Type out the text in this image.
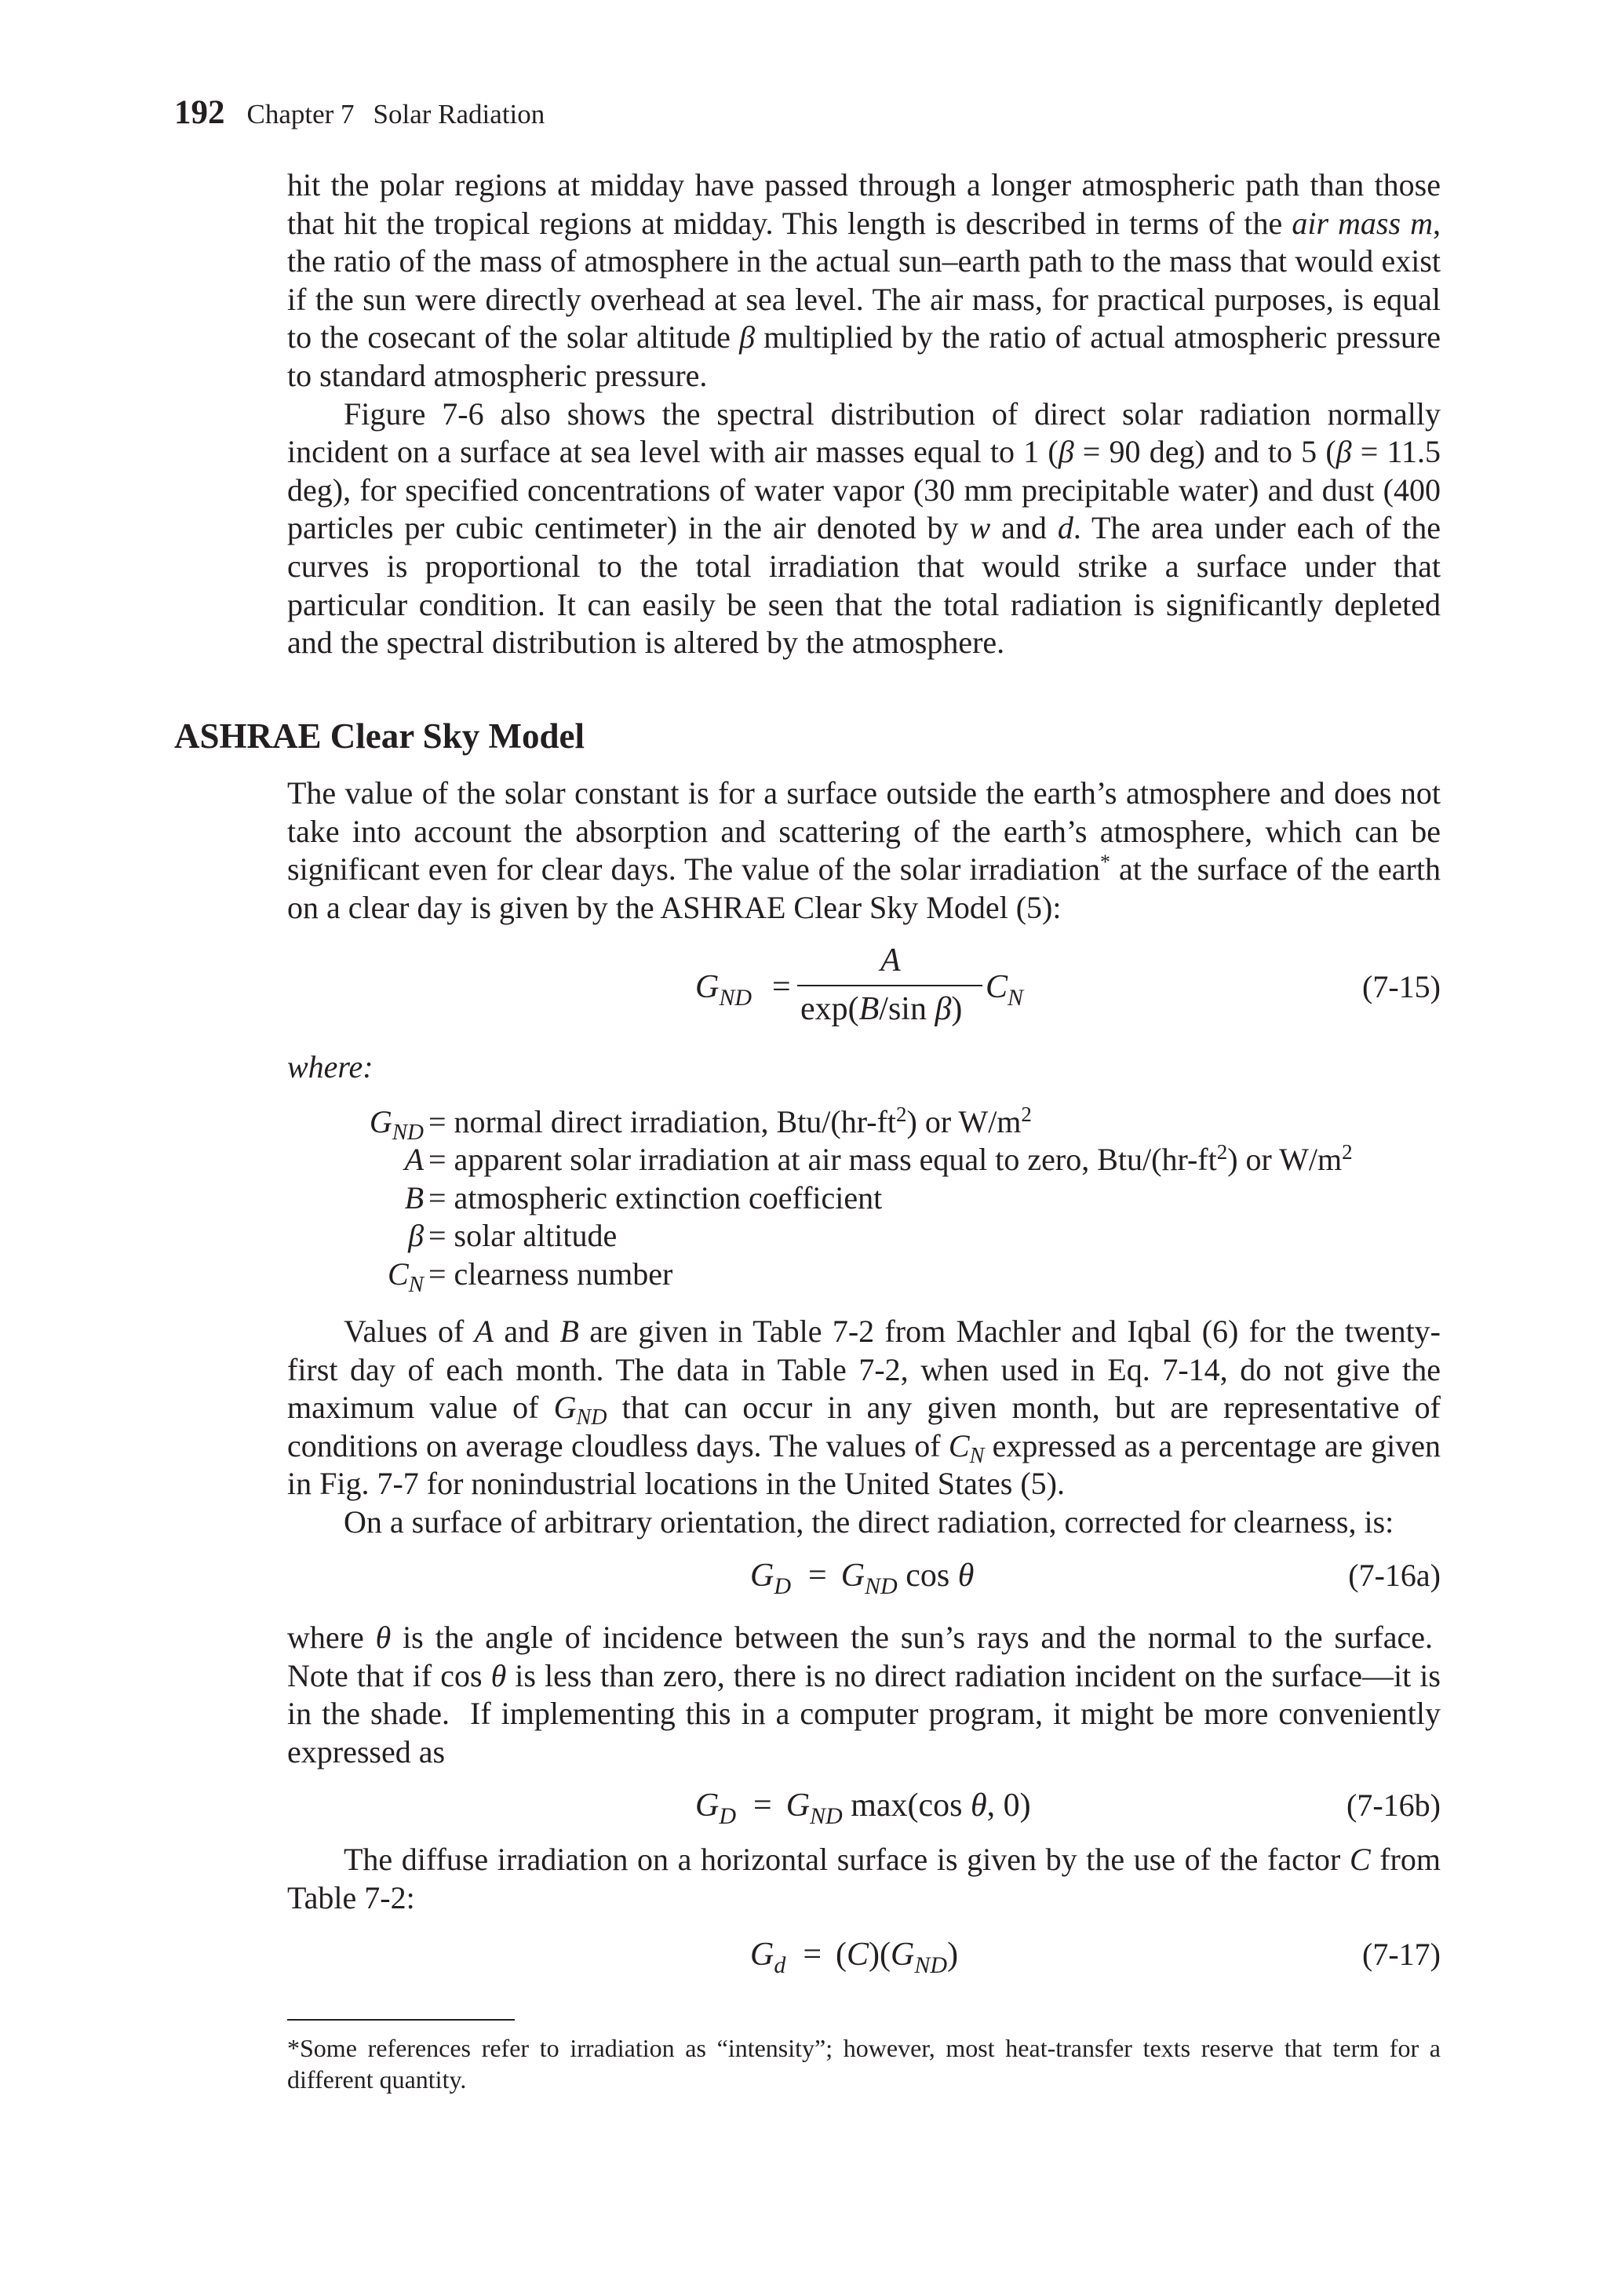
192 Chapter 7 Solar Radiation

hit the polar regions at midday have passed through a longer atmospheric path than those that hit the tropical regions at midday. This length is described in terms of the air mass m, the ratio of the mass of atmosphere in the actual sun–earth path to the mass that would exist if the sun were directly overhead at sea level. The air mass, for practical purposes, is equal to the cosecant of the solar altitude β multiplied by the ratio of actual atmospheric pressure to standard atmospheric pressure.

Figure 7-6 also shows the spectral distribution of direct solar radiation normally incident on a surface at sea level with air masses equal to 1 (β = 90 deg) and to 5 (β = 11.5 deg), for specified concentrations of water vapor (30 mm precipitable water) and dust (400 particles per cubic centimeter) in the air denoted by w and d. The area under each of the curves is proportional to the total irradiation that would strike a surface under that particular condition. It can easily be seen that the total radiation is significantly depleted and the spectral distribution is altered by the atmosphere.

ASHRAE Clear Sky Model

The value of the solar constant is for a surface outside the earth’s atmosphere and does not take into account the absorption and scattering of the earth’s atmosphere, which can be significant even for clear days. The value of the solar irradiation* at the surface of the earth on a clear day is given by the ASHRAE Clear Sky Model (5):

$G_{ND}$ =
A
exp(B/sin β)
$C_N$	(7-15)
where:
$G_{ND}$ = normal direct irradiation, Btu/$(hr-ft^2)$ or $W/m^2$
A = apparent solar irradiation at air mass equal to zero, Btu/$(hr-ft^2)$ or $W/m^2$
B = atmospheric extinction coefficient
β = solar altitude
$C_N$ = clearness number

Values of A and B are given in Table 7-2 from Machler and Iqbal (6) for the twenty-first day of each month. The data in Table 7-2, when used in Eq. 7-14, do not give the maximum value of $G_{ND}$ that can occur in any given month, but are representative of conditions on average cloudless days. The values of $C_N$ expressed as a percentage are given in Fig. 7-7 for nonindustrial locations in the United States (5).

On a surface of arbitrary orientation, the direct radiation, corrected for clearness, is:

$G_D = G_{ND}$ cos θ	(7-16a)

where θ is the angle of incidence between the sun’s rays and the normal to the surface.  Note that if cos θ is less than zero, there is no direct radiation incident on the surface—it is in the shade.  If implementing this in a computer program, it might be more conveniently expressed as

$G_D = G_{ND}$ max(cos θ, 0)	(7-16b)

The diffuse irradiation on a horizontal surface is given by the use of the factor C from Table 7-2:

$G_d = (C)(G_{ND})$	(7-17)
*Some references refer to irradiation as “intensity”; however, most heat-transfer texts reserve that term for a different quantity.
